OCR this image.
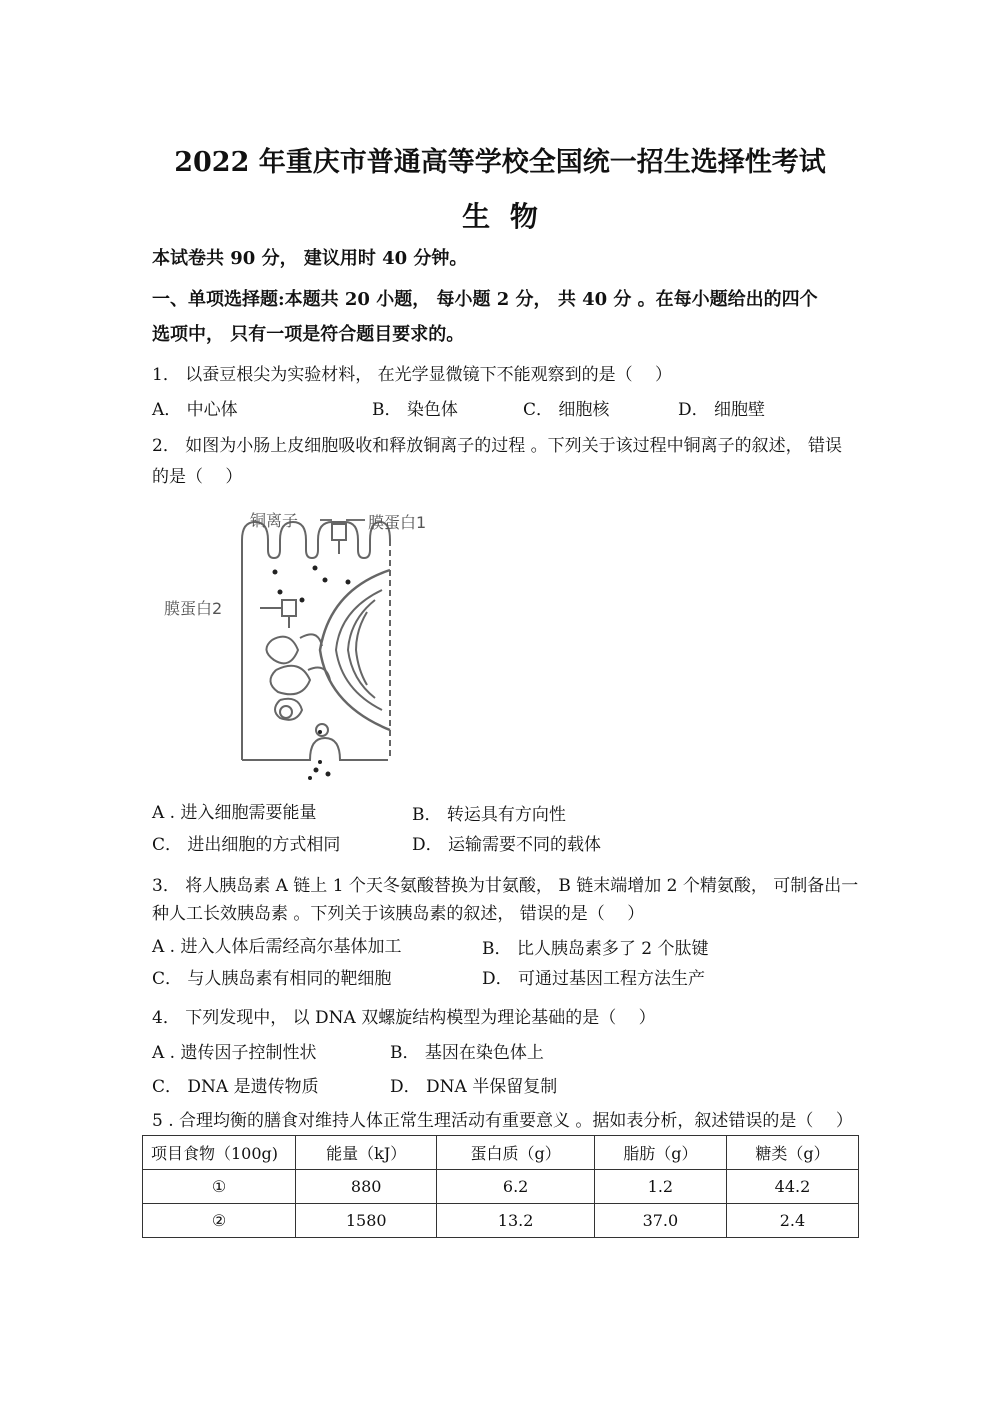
2022 年重庆市普通高等学校全国统一招生选择性考试
生 物
本试卷共 90 分， 建议用时 40 分钟。
一、单项选择题:本题共 20 小题， 每小题 2 分， 共 40 分 。在每小题给出的四个
选项中， 只有一项是符合题目要求的。
1． 以蚕豆根尖为实验材料， 在光学显微镜下不能观察到的是（　 ）
A． 中心体	B． 染色体	C． 细胞核	D． 细胞壁
2． 如图为小肠上皮细胞吸收和释放铜离子的过程 。下列关于该过程中铜离子的叙述， 错误
的是（　 ）
铜离子	膜蛋白1
膜蛋白2
A . 进入细胞需要能量	B． 转运具有方向性
C． 进出细胞的方式相同	D． 运输需要不同的载体
3． 将人胰岛素 A 链上 1 个天冬氨酸替换为甘氨酸， B 链末端增加 2 个精氨酸， 可制备出一
种人工长效胰岛素 。下列关于该胰岛素的叙述， 错误的是（　 ）
A . 进入人体后需经高尔基体加工	B． 比人胰岛素多了 2 个肽键
C． 与人胰岛素有相同的靶细胞	D． 可通过基因工程方法生产
4． 下列发现中， 以 DNA 双螺旋结构模型为理论基础的是（　 ）
A . 遗传因子控制性状	B． 基因在染色体上
C． DNA 是遗传物质	D． DNA 半保留复制
5 . 合理均衡的膳食对维持人体正常生理活动有重要意义 。据如表分析，叙述错误的是（　 ）
项目食物（100g)	能量（kJ）	蛋白质（g）	脂肪（g）	糖类（g）
①	880	6.2	1.2	44.2
②	1580	13.2	37.0	2.4
